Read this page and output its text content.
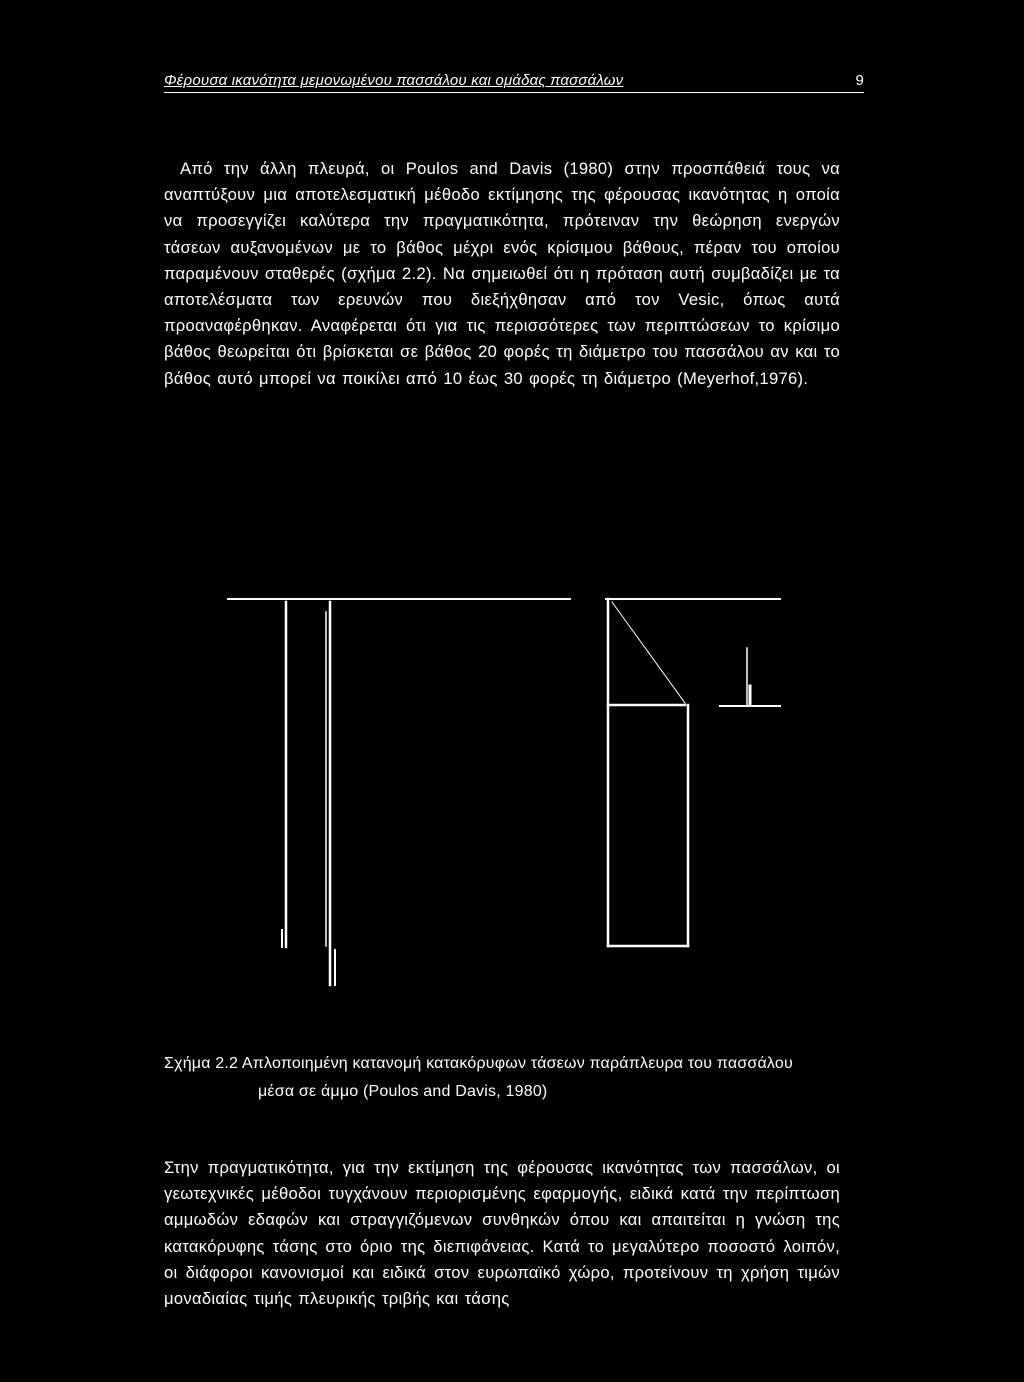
Φέρουσα ικανότητα μεμονωμένου πασσάλου και ομάδας πασσάλων	9

Από την άλλη πλευρά, οι Poulos and Davis (1980) στην προσπάθειά τους να αναπτύξουν μια αποτελεσματική μέθοδο εκτίμησης της φέρουσας ικανότητας η οποία να προσεγγίζει καλύτερα την πραγματικότητα, πρότειναν την θεώρηση ενεργών τάσεων αυξανομένων με το βάθος μέχρι ενός κρίσιμου βάθους, πέραν του οποίου παραμένουν σταθερές (σχήμα 2.2). Να σημειωθεί ότι η πρόταση αυτή συμβαδίζει με τα αποτελέσματα των ερευνών που διεξήχθησαν από τον Vesic, όπως αυτά προαναφέρθηκαν. Αναφέρεται ότι για τις περισσότερες των περιπτώσεων το κρίσιμο βάθος θεωρείται ότι βρίσκεται σε βάθος 20 φορές τη διάμετρο του πασσάλου αν και το βάθος αυτό μπορεί να ποικίλει από 10 έως 30 φορές τη διάμετρο (Meyerhof,1976).

Σχήμα 2.2 Απλοποιημένη κατανομή κατακόρυφων τάσεων παράπλευρα του πασσάλου
μέσα σε άμμο (Poulos and Davis, 1980)

Στην πραγματικότητα, για την εκτίμηση της φέρουσας ικανότητας των πασσάλων, οι γεωτεχνικές μέθοδοι τυγχάνουν περιορισμένης εφαρμογής, ειδικά κατά την περίπτωση αμμωδών εδαφών και στραγγιζόμενων συνθηκών όπου και απαιτείται η γνώση της κατακόρυφης τάσης στο όριο της διεπιφάνειας. Κατά το μεγαλύτερο ποσοστό λοιπόν, οι διάφοροι κανονισμοί και ειδικά στον ευρωπαϊκό χώρο, προτείνουν τη χρήση τιμών μοναδιαίας τιμής πλευρικής τριβής και τάσης
